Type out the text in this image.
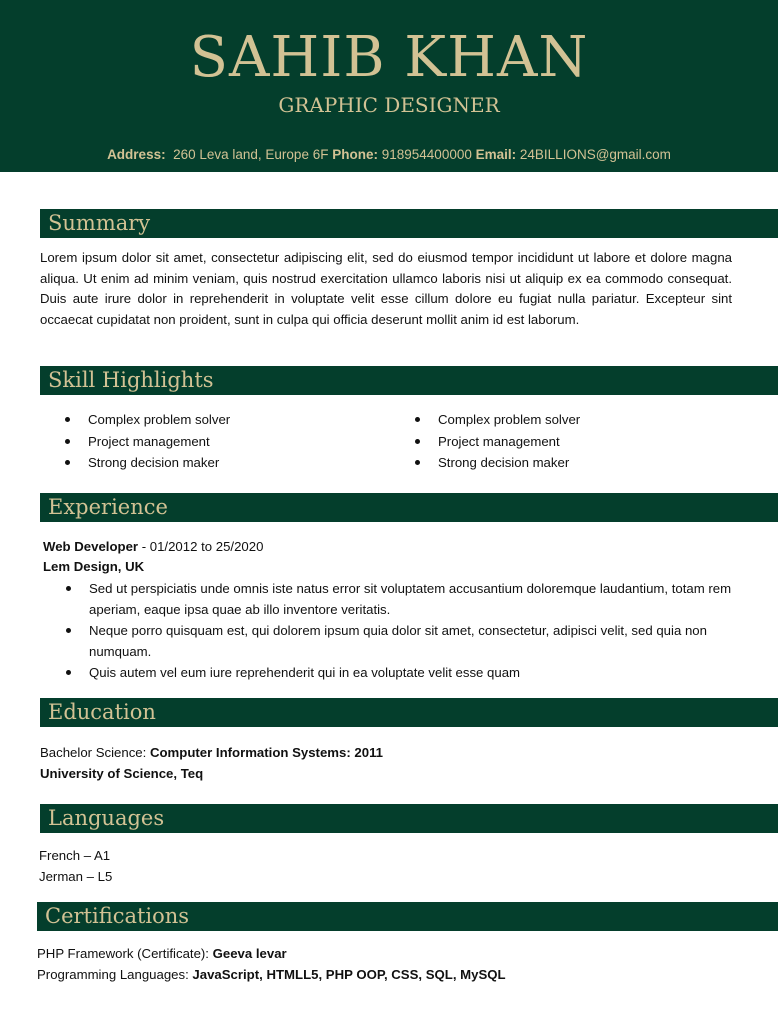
SAHIB KHAN
GRAPHIC DESIGNER
Address: 260 Leva land, Europe 6F Phone: 918954400000 Email: 24BILLIONS@gmail.com
Summary
Lorem ipsum dolor sit amet, consectetur adipiscing elit, sed do eiusmod tempor incididunt ut labore et dolore magna aliqua. Ut enim ad minim veniam, quis nostrud exercitation ullamco laboris nisi ut aliquip ex ea commodo consequat. Duis aute irure dolor in reprehenderit in voluptate velit esse cillum dolore eu fugiat nulla pariatur. Excepteur sint occaecat cupidatat non proident, sunt in culpa qui officia deserunt mollit anim id est laborum.
Skill Highlights
Complex problem solver
Project management
Strong decision maker
Complex problem solver
Project management
Strong decision maker
Experience
Web Developer - 01/2012 to 25/2020
Lem Design, UK
Sed ut perspiciatis unde omnis iste natus error sit voluptatem accusantium doloremque laudantium, totam rem aperiam, eaque ipsa quae ab illo inventore veritatis.
Neque porro quisquam est, qui dolorem ipsum quia dolor sit amet, consectetur, adipisci velit, sed quia non numquam.
Quis autem vel eum iure reprehenderit qui in ea voluptate velit esse quam
Education
Bachelor Science: Computer Information Systems: 2011
University of Science, Teq
Languages
French – A1
Jerman – L5
Certifications
PHP Framework (Certificate): Geeva levar
Programming Languages: JavaScript, HTMLL5, PHP OOP, CSS, SQL, MySQL
